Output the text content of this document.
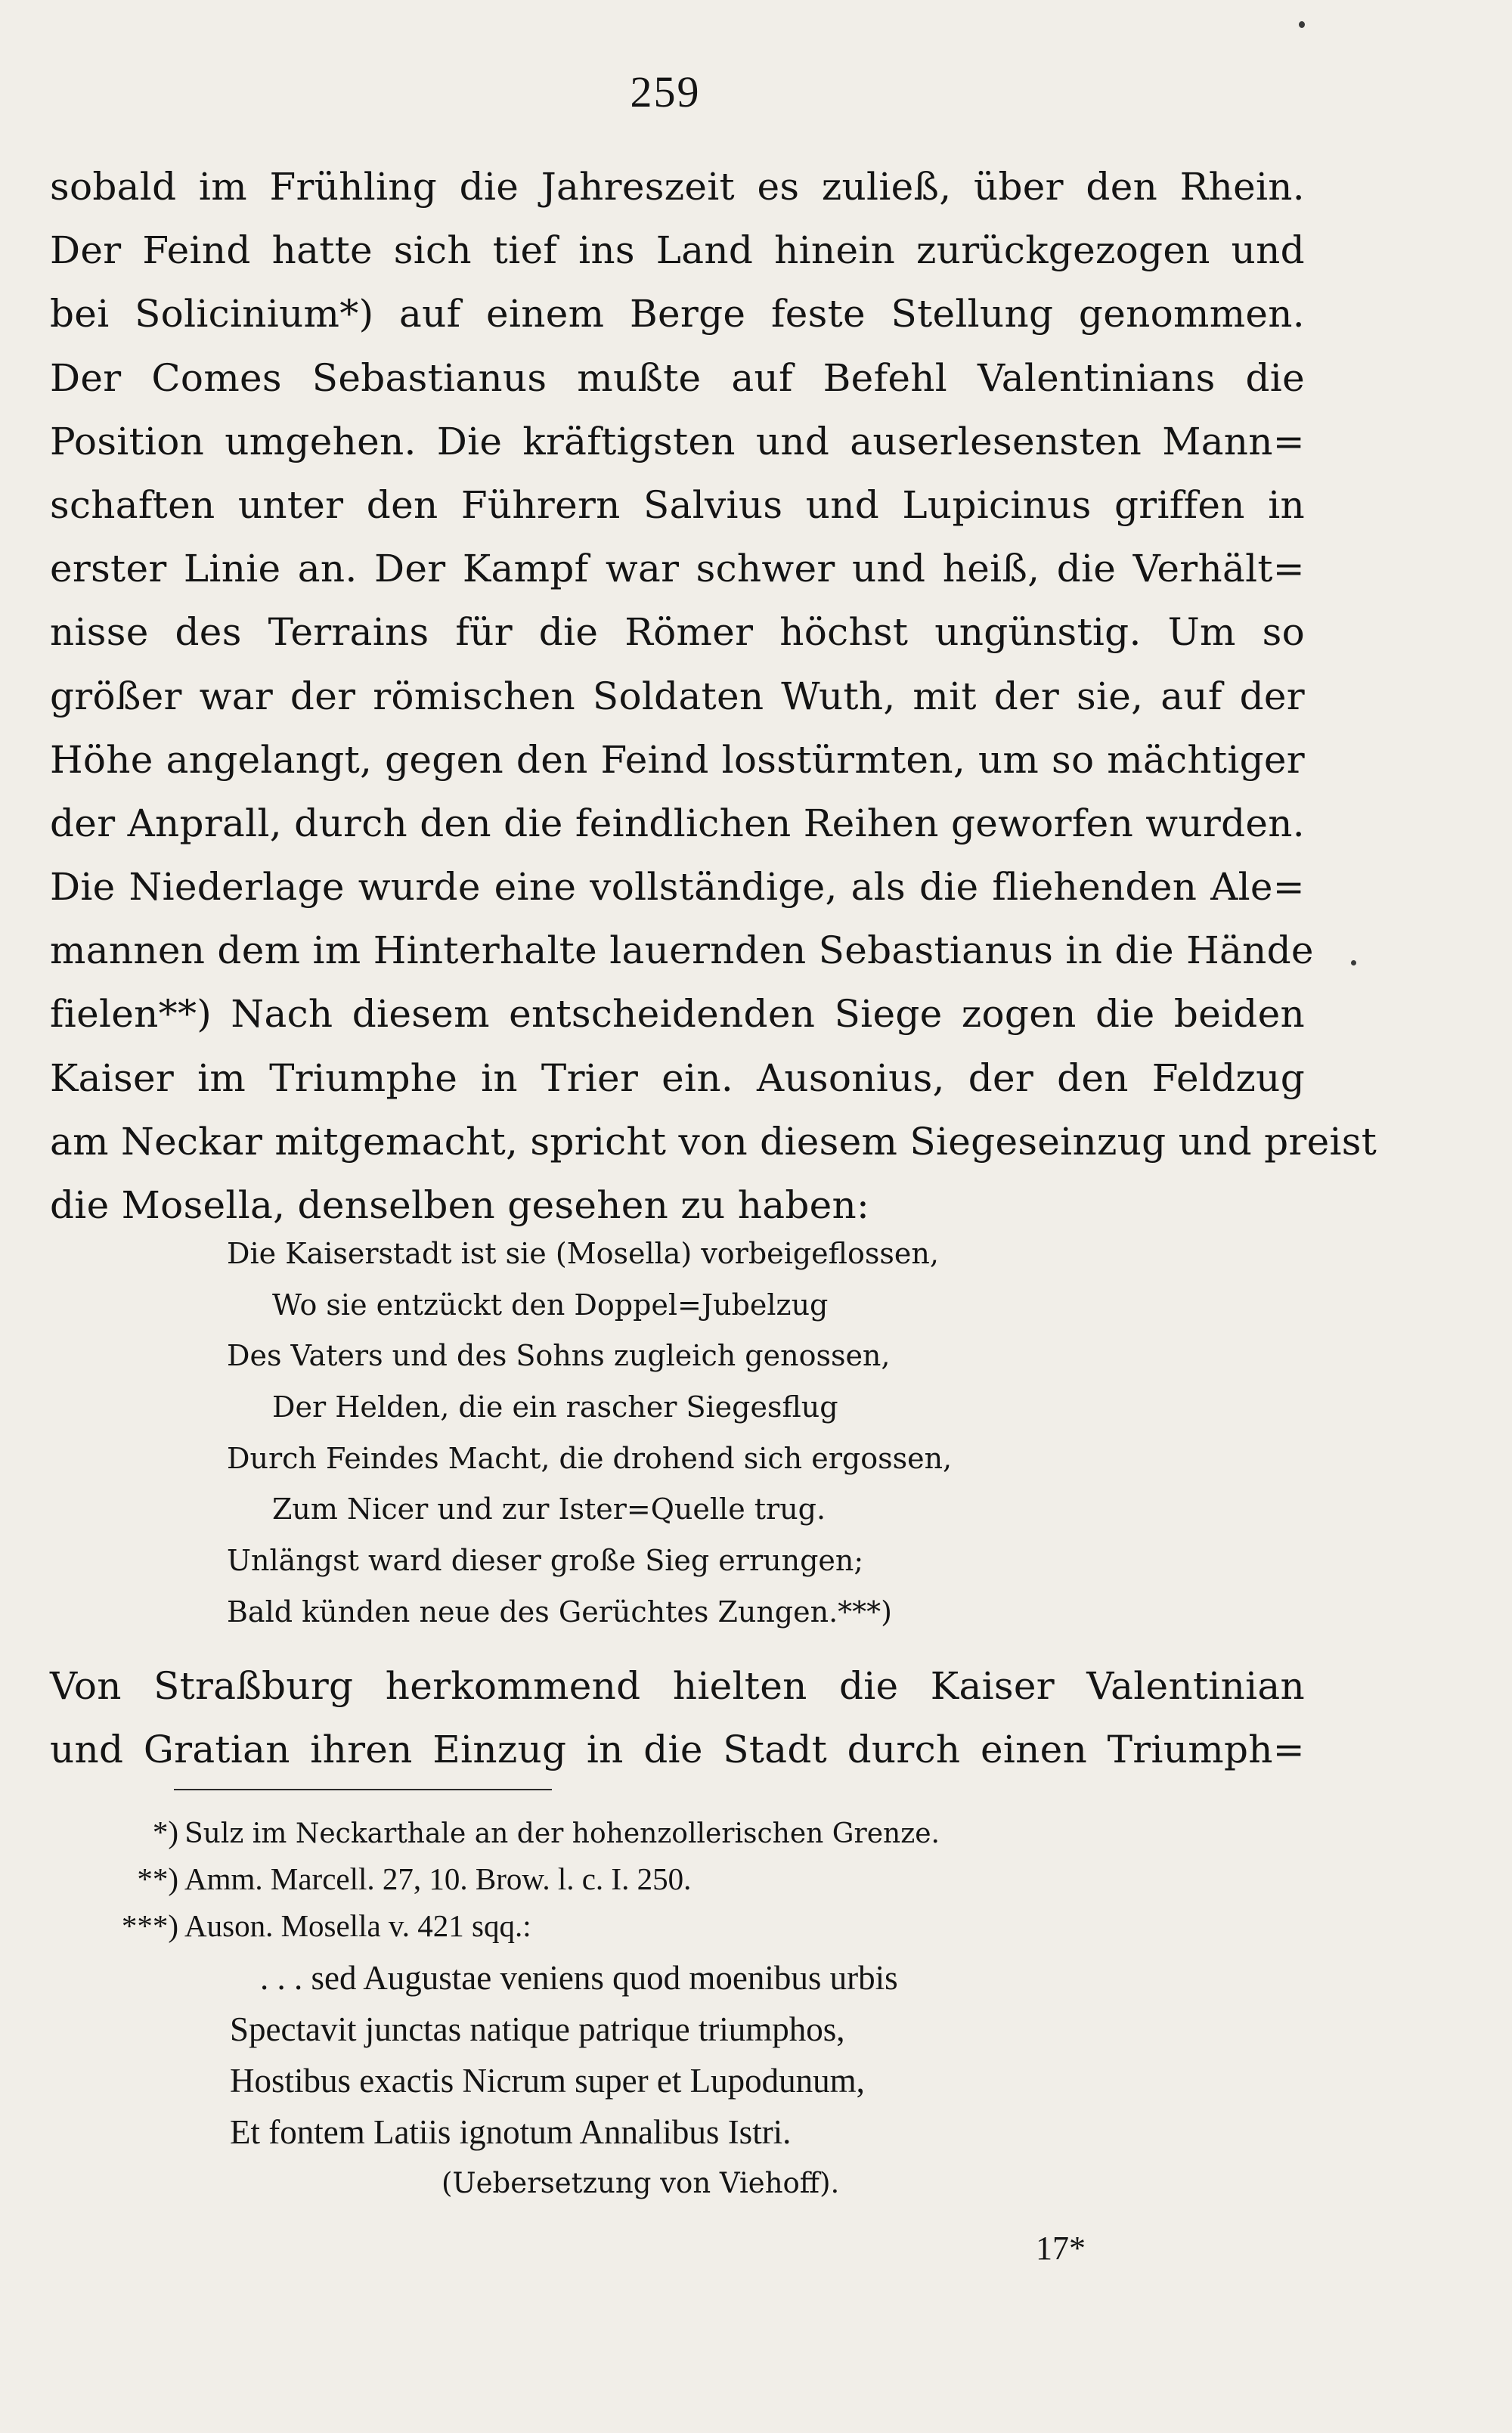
259
sobald im Frühling die Jahreszeit es zuließ, über den Rhein.
Der Feind hatte sich tief ins Land hinein zurückgezogen und
bei Solicinium*) auf einem Berge feste Stellung genommen.
Der Comes Sebastianus mußte auf Befehl Valentinians die
Position umgehen. Die kräftigsten und auserlesensten Mann=
schaften unter den Führern Salvius und Lupicinus griffen in
erster Linie an. Der Kampf war schwer und heiß, die Verhält=
nisse des Terrains für die Römer höchst ungünstig. Um so
größer war der römischen Soldaten Wuth, mit der sie, auf der
Höhe angelangt, gegen den Feind losstürmten, um so mächtiger
der Anprall, durch den die feindlichen Reihen geworfen wurden.
Die Niederlage wurde eine vollständige, als die fliehenden Ale=
mannen dem im Hinterhalte lauernden Sebastianus in die Hände
fielen**) Nach diesem entscheidenden Siege zogen die beiden
Kaiser im Triumphe in Trier ein. Ausonius, der den Feldzug
am Neckar mitgemacht, spricht von diesem Siegeseinzug und preist
die Mosella, denselben gesehen zu haben:
Die Kaiserstadt ist sie (Mosella) vorbeigeflossen,
Wo sie entzückt den Doppel=Jubelzug
Des Vaters und des Sohns zugleich genossen,
Der Helden, die ein rascher Siegesflug
Durch Feindes Macht, die drohend sich ergossen,
Zum Nicer und zur Ister=Quelle trug.
Unlängst ward dieser große Sieg errungen;
Bald künden neue des Gerüchtes Zungen.***)
Von Straßburg herkommend hielten die Kaiser Valentinian
und Gratian ihren Einzug in die Stadt durch einen Triumph=
*) Sulz im Neckarthale an der hohenzollerischen Grenze.
**) Amm. Marcell. 27, 10. Brow. l. c. I. 250.
***) Auson. Mosella v. 421 sqq.:
. . . sed Augustae veniens quod moenibus urbis
Spectavit junctas natique patrique triumphos,
Hostibus exactis Nicrum super et Lupodunum,
Et fontem Latiis ignotum Annalibus Istri.
(Uebersetzung von Viehoff).
17*
